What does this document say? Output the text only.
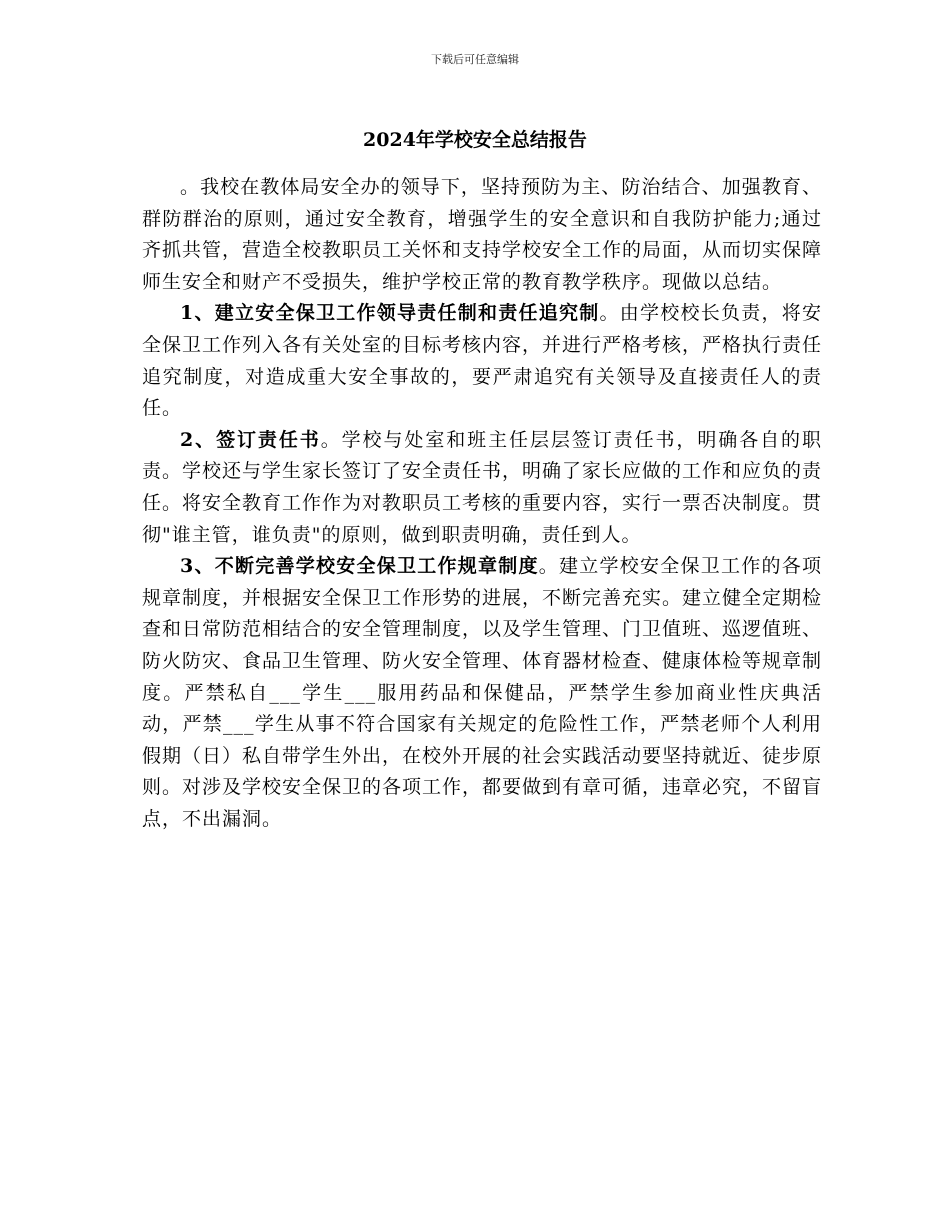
下载后可任意编辑
2024年学校安全总结报告

。我校在教体局安全办的领导下，坚持预防为主、防治结合、加强教育、群防群治的原则，通过安全教育，增强学生的安全意识和自我防护能力;通过齐抓共管，营造全校教职员工关怀和支持学校安全工作的局面，从而切实保障师生安全和财产不受损失，维护学校正常的教育教学秩序。现做以总结。

1、建立安全保卫工作领导责任制和责任追究制。由学校校长负责，将安全保卫工作列入各有关处室的目标考核内容，并进行严格考核，严格执行责任追究制度，对造成重大安全事故的，要严肃追究有关领导及直接责任人的责任。

2、签订责任书。学校与处室和班主任层层签订责任书，明确各自的职责。学校还与学生家长签订了安全责任书，明确了家长应做的工作和应负的责任。将安全教育工作作为对教职员工考核的重要内容，实行一票否决制度。贯彻"谁主管，谁负责"的原则，做到职责明确，责任到人。

3、不断完善学校安全保卫工作规章制度。建立学校安全保卫工作的各项规章制度，并根据安全保卫工作形势的进展，不断完善充实。建立健全定期检查和日常防范相结合的安全管理制度，以及学生管理、门卫值班、巡逻值班、防火防灾、食品卫生管理、防火安全管理、体育器材检查、健康体检等规章制度。严禁私自___学生___服用药品和保健品，严禁学生参加商业性庆典活动，严禁___学生从事不符合国家有关规定的危险性工作，严禁老师个人利用假期（日）私自带学生外出，在校外开展的社会实践活动要坚持就近、徒步原则。对涉及学校安全保卫的各项工作，都要做到有章可循，违章必究，不留盲点，不出漏洞。
